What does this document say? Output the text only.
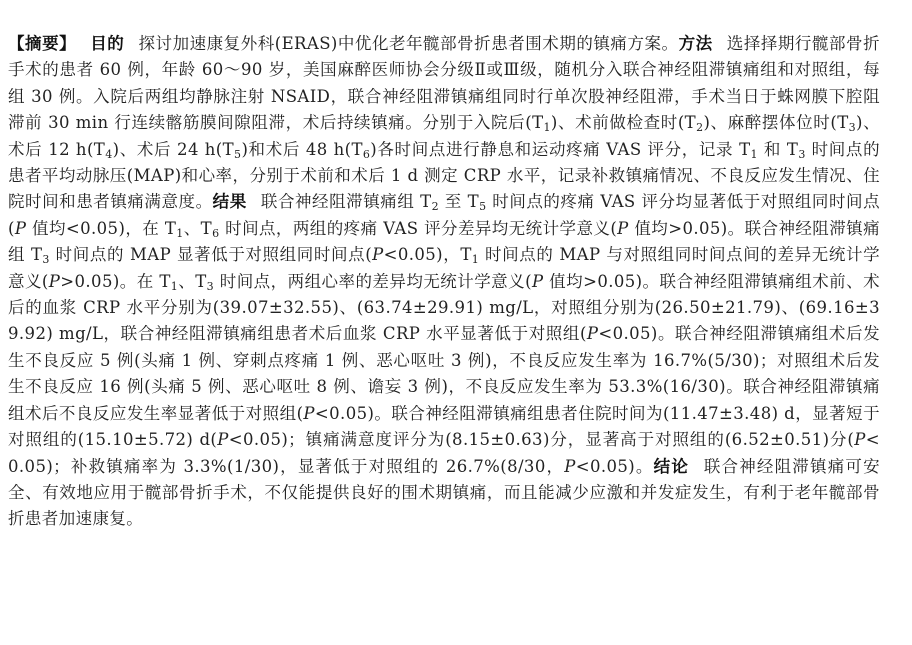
【摘要】 目的 探讨加速康复外科(ERAS)中优化老年髋部骨折患者围术期的镇痛方案。方法 选择择期行髋部骨折手术的患者 60 例，年龄 60～90 岁，美国麻醉医师协会分级Ⅱ或Ⅲ级，随机分入联合神经阻滞镇痛组和对照组，每组 30 例。入院后两组均静脉注射 NSAID，联合神经阻滞镇痛组同时行单次股神经阻滞，手术当日于蛛网膜下腔阻滞前 30 min 行连续髂筋膜间隙阻滞，术后持续镇痛。分别于入院后$(T_1)$、术前做检查时$(T_2)$、麻醉摆体位时$(T_3)$、术后 12 $h(T_4)$、术后 24 $h(T_5)$和术后 48 $h(T_6)$各时间点进行静息和运动疼痛 VAS 评分，记录 $T_1$ 和 $T_3$ 时间点的患者平均动脉压(MAP)和心率，分别于术前和术后 1 d 测定 CRP 水平，记录补救镇痛情况、不良反应发生情况、住院时间和患者镇痛满意度。结果 联合神经阻滞镇痛组 $T_2$ 至 $T_5$ 时间点的疼痛 VAS 评分均显著低于对照组同时间点(P 值均<0.05)，在 $T_1$、$T_6$ 时间点，两组的疼痛 VAS 评分差异均无统计学意义(P 值均>0.05)。联合神经阻滞镇痛组 $T_3$ 时间点的 MAP 显著低于对照组同时间点(P<0.05)，$T_1$ 时间点的 MAP 与对照组同时间点间的差异无统计学意义(P>0.05)。在 $T_1$、$T_3$ 时间点，两组心率的差异均无统计学意义(P 值均>0.05)。联合神经阻滞镇痛组术前、术后的血浆 CRP 水平分别为(39.07±32.55)、(63.74±29.91) mg/L，对照组分别为(26.50±21.79)、(69.16±39.92) mg/L，联合神经阻滞镇痛组患者术后血浆 CRP 水平显著低于对照组(P<0.05)。联合神经阻滞镇痛组术后发生不良反应 5 例(头痛 1 例、穿刺点疼痛 1 例、恶心呕吐 3 例)，不良反应发生率为 16.7%(5/30)；对照组术后发生不良反应 16 例(头痛 5 例、恶心呕吐 8 例、谵妄 3 例)，不良反应发生率为 53.3%(16/30)。联合神经阻滞镇痛组术后不良反应发生率显著低于对照组(P<0.05)。联合神经阻滞镇痛组患者住院时间为(11.47±3.48) d，显著短于对照组的(15.10±5.72) d(P<0.05)；镇痛满意度评分为(8.15±0.63)分，显著高于对照组的(6.52±0.51)分(P<0.05)；补救镇痛率为 3.3%(1/30)，显著低于对照组的 26.7%(8/30，P<0.05)。结论 联合神经阻滞镇痛可安全、有效地应用于髋部骨折手术，不仅能提供良好的围术期镇痛，而且能减少应激和并发症发生，有利于老年髋部骨折患者加速康复。
